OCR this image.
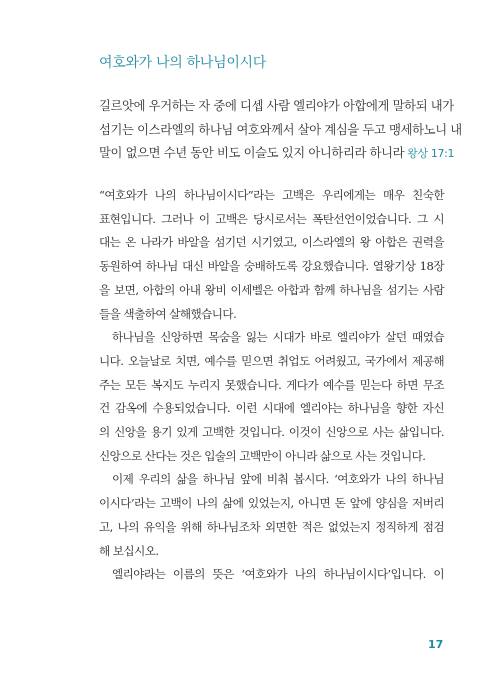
여호와가 나의 하나님이시다
길르앗에 우거하는 자 중에 디셉 사람 엘리야가 아합에게 말하되 내가
섬기는 이스라엘의 하나님 여호와께서 살아 계심을 두고 맹세하노니 내
말이 없으면 수년 동안 비도 이슬도 있지 아니하리라 하니라 왕상 17:1
“여호와가 나의 하나님이시다”라는 고백은 우리에게는 매우 친숙한
표현입니다. 그러나 이 고백은 당시로서는 폭탄선언이었습니다. 그 시
대는 온 나라가 바알을 섬기던 시기였고, 이스라엘의 왕 아합은 권력을
동원하여 하나님 대신 바알을 숭배하도록 강요했습니다. 열왕기상 18장
을 보면, 아합의 아내 왕비 이세벨은 아합과 함께 하나님을 섬기는 사람
들을 색출하여 살해했습니다.
하나님을 신앙하면 목숨을 잃는 시대가 바로 엘리야가 살던 때였습
니다. 오늘날로 치면, 예수를 믿으면 취업도 어려웠고, 국가에서 제공해
주는 모든 복지도 누리지 못했습니다. 게다가 예수를 믿는다 하면 무조
건 감옥에 수용되었습니다. 이런 시대에 엘리야는 하나님을 향한 자신
의 신앙을 용기 있게 고백한 것입니다. 이것이 신앙으로 사는 삶입니다.
신앙으로 산다는 것은 입술의 고백만이 아니라 삶으로 사는 것입니다.
이제 우리의 삶을 하나님 앞에 비춰 봅시다. ‘여호와가 나의 하나님
이시다’라는 고백이 나의 삶에 있었는지, 아니면 돈 앞에 양심을 저버리
고, 나의 유익을 위해 하나님조차 외면한 적은 없었는지 정직하게 점검
해 보십시오.
엘리야라는 이름의 뜻은 ‘여호와가 나의 하나님이시다’입니다. 이
17
